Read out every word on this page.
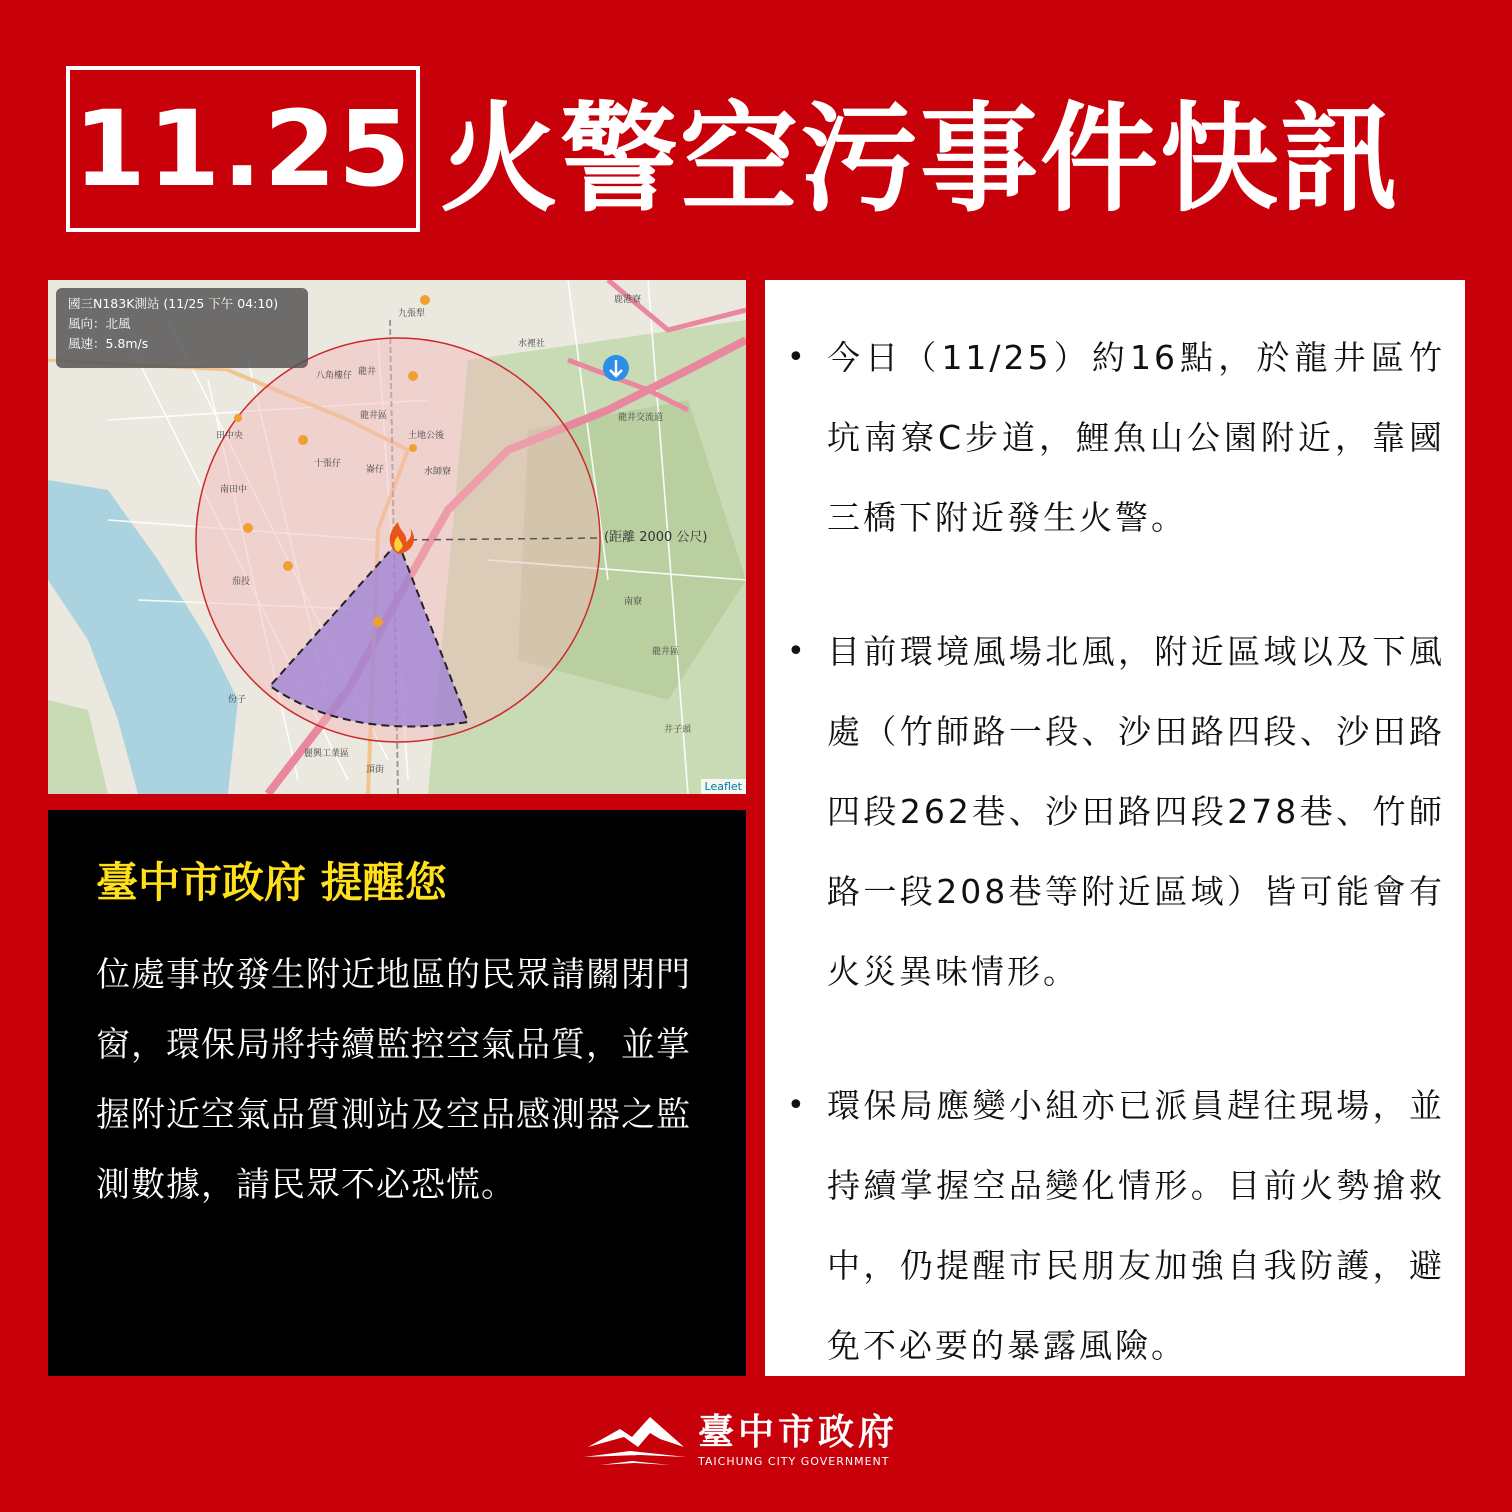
11.25 火警空污事件快訊
九張犁
龍井
八角樓仔
龍井區
土地公後
十張仔
崙仔	水師寮
田中央
南田中
茄投
份子
南寮
龍井區
井子頭
麗興工業區
頂街
鹿港寮
水裡社
龍井交流道
國三N183K測站 (11/25 下午 04:10)
風向：北風
風速：5.8m/s
(距離 2000 公尺)
Leaflet
臺中市政府 提醒您
位處事故發生附近地區的民眾請關閉門窗，環保局將持續監控空氣品質，並掌握附近空氣品質測站及空品感測器之監測數據，請民眾不必恐慌。
• 今日（11/25）約16點，於龍井區竹坑南寮C步道，鯉魚山公園附近，靠國三橋下附近發生火警。
• 目前環境風場北風，附近區域以及下風處（竹師路一段、沙田路四段、沙田路四段262巷、沙田路四段278巷、竹師路一段208巷等附近區域）皆可能會有火災異味情形。
• 環保局應變小組亦已派員趕往現場，並持續掌握空品變化情形。目前火勢搶救中，仍提醒市民朋友加強自我防護，避免不必要的暴露風險。
臺中市政府
TAICHUNG CITY GOVERNMENT
